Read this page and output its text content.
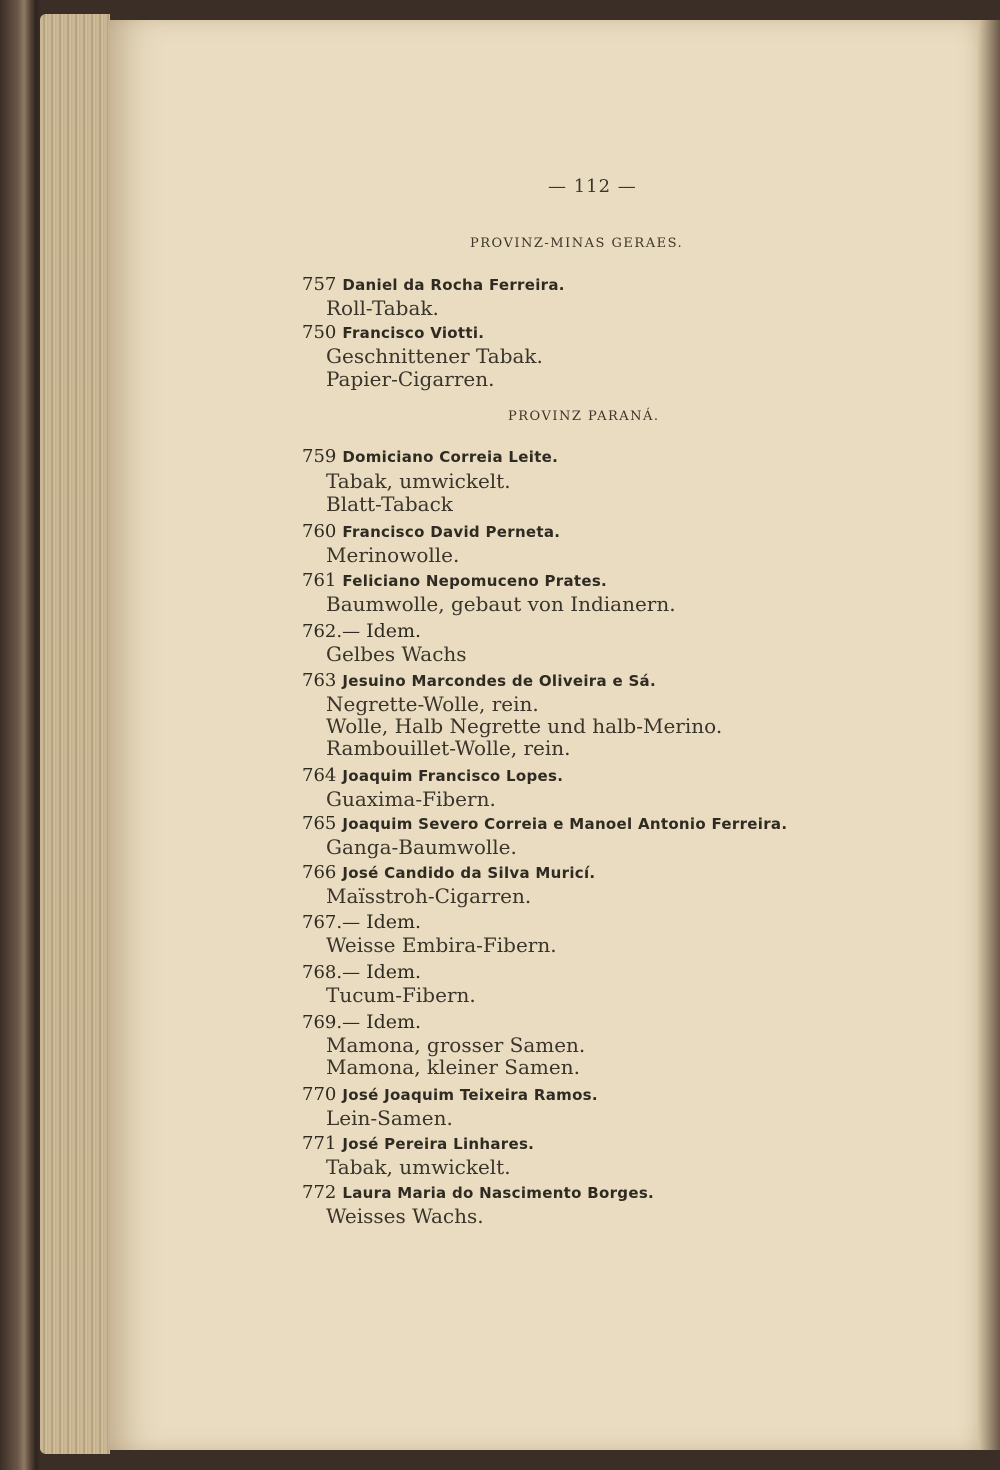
— 112 —
PROVINZ-MINAS GERAES.
757 Daniel da Rocha Ferreira.
Roll-Tabak.
750 Francisco Viotti.
Geschnittener Tabak.
Papier-Cigarren.
PROVINZ PARANÁ.
759 Domiciano Correia Leite.
Tabak, umwickelt.
Blatt-Taback
760 Francisco David Perneta.
Merinowolle.
761 Feliciano Nepomuceno Prates.
Baumwolle, gebaut von Indianern.
762.— Idem.
Gelbes Wachs
763 Jesuino Marcondes de Oliveira e Sá.
Negrette-Wolle, rein.
Wolle, Halb Negrette und halb-Merino.
Rambouillet-Wolle, rein.
764 Joaquim Francisco Lopes.
Guaxima-Fibern.
765 Joaquim Severo Correia e Manoel Antonio Ferreira.
Ganga-Baumwolle.
766 José Candido da Silva Muricí.
Maïsstroh-Cigarren.
767.— Idem.
Weisse Embira-Fibern.
768.— Idem.
Tucum-Fibern.
769.— Idem.
Mamona, grosser Samen.
Mamona, kleiner Samen.
770 José Joaquim Teixeira Ramos.
Lein-Samen.
771 José Pereira Linhares.
Tabak, umwickelt.
772 Laura Maria do Nascimento Borges.
Weisses Wachs.
